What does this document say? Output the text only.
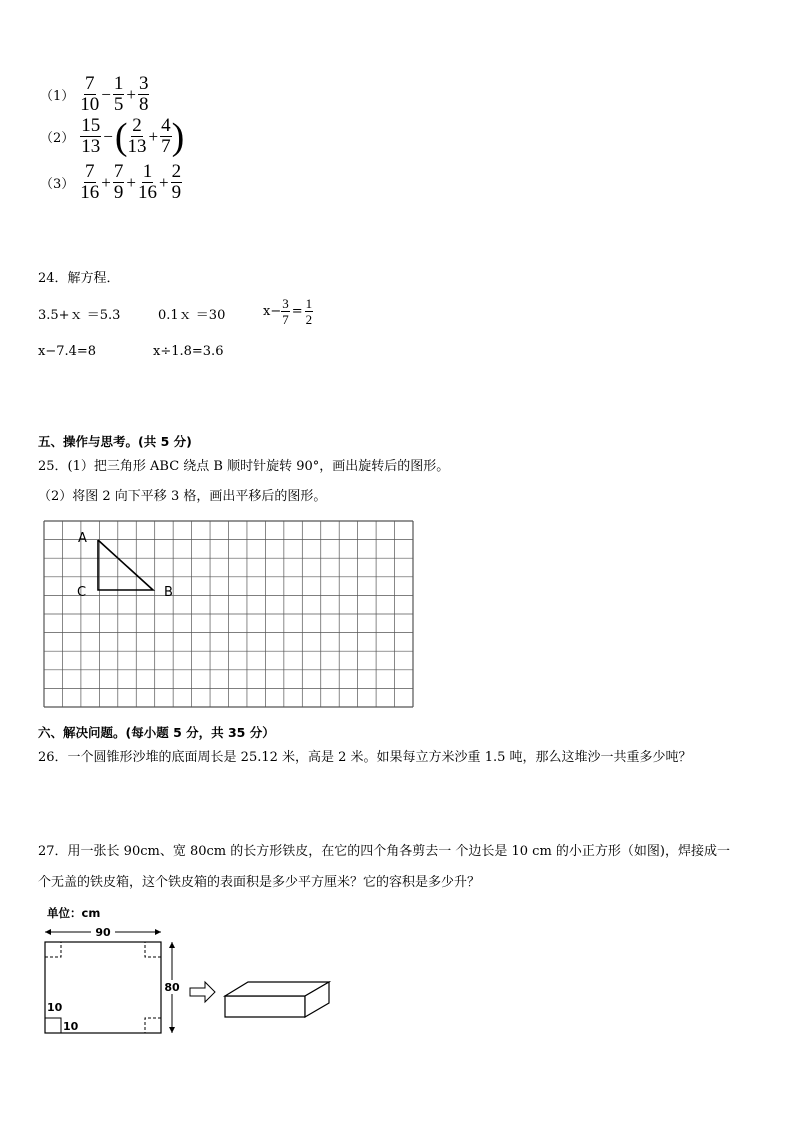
$(1) \frac{7}{10} - \frac{1}{5} + \frac{3}{8}$
$(2) \frac{15}{13}$ − ( $\frac{2}{13} + \frac{4}{7}$ )
$(3) \frac{7}{16} + \frac{7}{9} + \frac{1}{16} + \frac{2}{9}$
24．解方程．
3.5+ｘ ＝5.3	0.1ｘ ＝30	$x- \frac{3}{7} = \frac{1}{2}$
x−7.4=8	x÷1.8=3.6
五、操作与思考。(共 5 分)
25．(1）把三角形 ABC 绕点 B 顺时针旋转 90°，画出旋转后的图形。
（2）将图 2 向下平移 3 格，画出平移后的图形。
A
C	B
六、解决问题。(每小题 5 分，共 35 分）
26．一个圆锥形沙堆的底面周长是 25.12 米，高是 2 米。如果每立方米沙重 1.5 吨，那么这堆沙一共重多少吨？
27．用一张长 90cm、宽 80cm 的长方形铁皮，在它的四个角各剪去一 个边长是 10 cm 的小正方形（如图)，焊接成一
个无盖的铁皮箱，这个铁皮箱的表面积是多少平方厘米？它的容积是多少升？
单位：cm
90
10
10
80
